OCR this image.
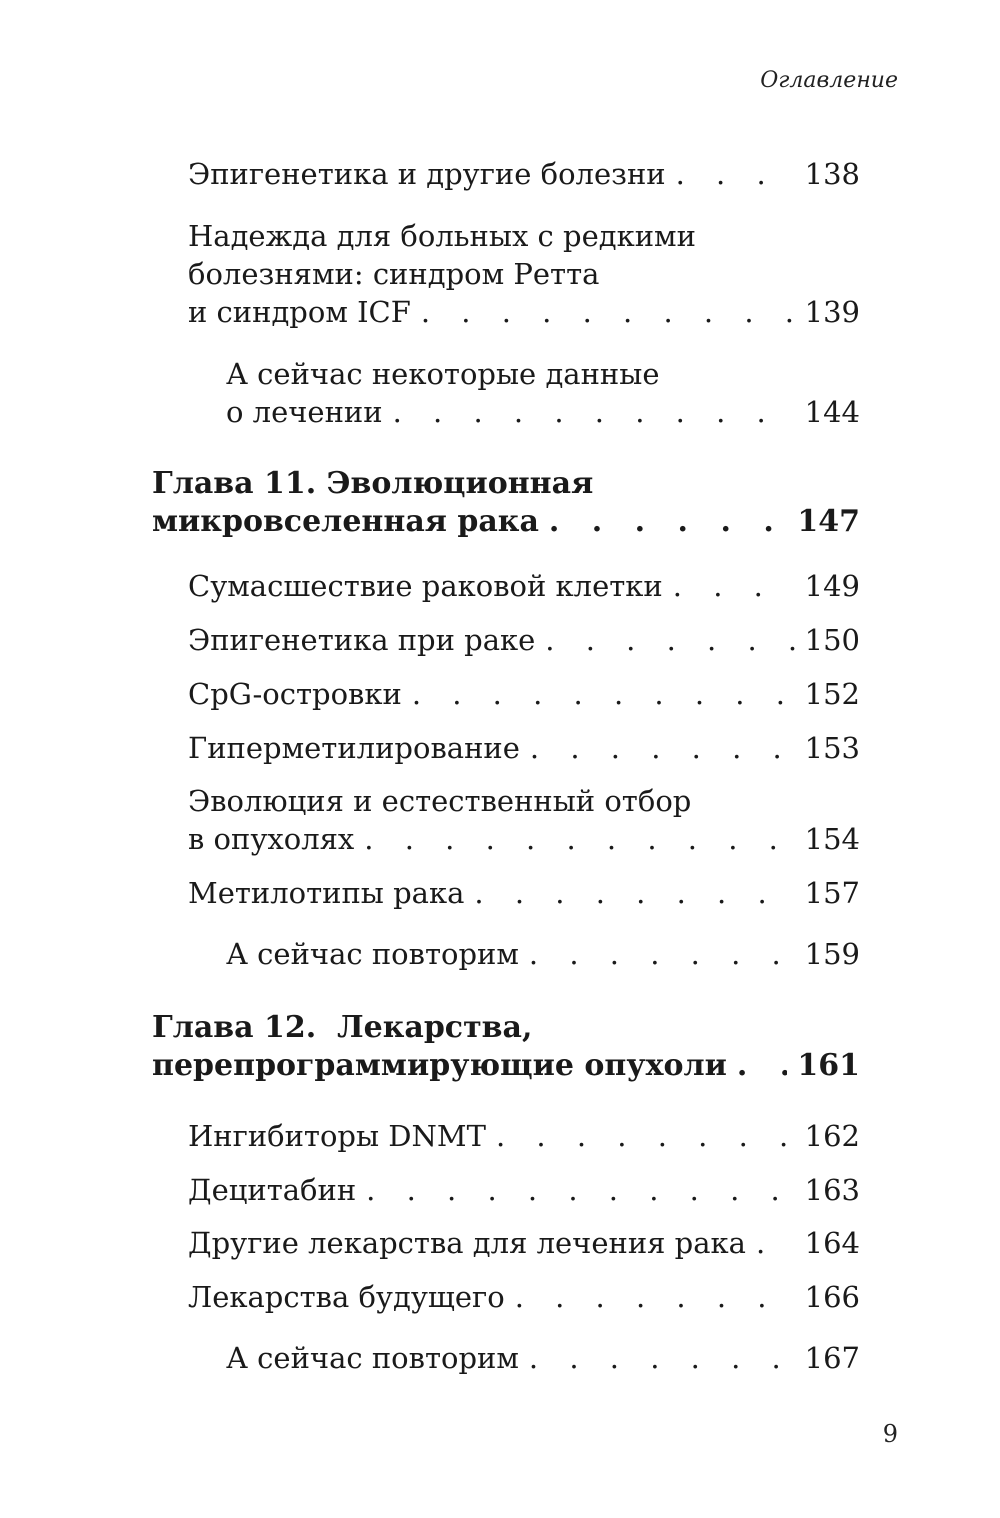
Оглавление
Эпигенетика и другие болезни . . .	138
Надежда для больных с редкими
болезнями: синдром Ретта
и синдром ICF . . .	139
А сейчас некоторые данные
о лечении . . .	144
Глава 11. Эволюционная
микровселенная рака . . .	147
Сумасшествие раковой клетки . . .	149
Эпигенетика при раке . . .	150
CpG-островки . . .	152
Гиперметилирование . . .	153
Эволюция и естественный отбор
в опухолях . . .	154
Метилотипы рака . . .	157
А сейчас повторим . . .	159
Глава 12.  Лекарства,
перепрограммирующие опухоли . . . 161
Ингибиторы DNMT . . .	162
Децитабин . . .	163
Другие лекарства для лечения рака . . . 164
Лекарства будущего . . .	166
А сейчас повторим . . .	167
9
